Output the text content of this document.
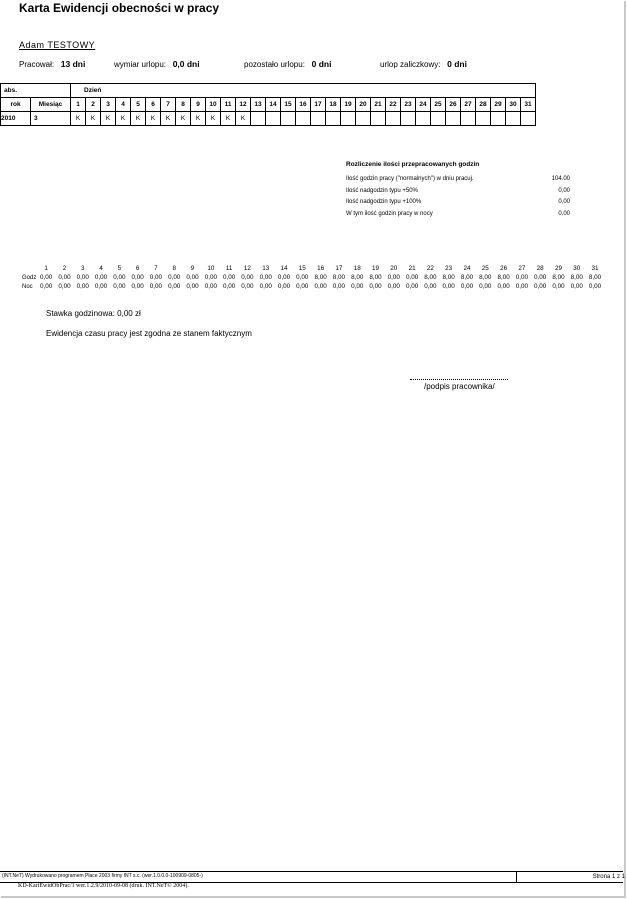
Karta Ewidencji obecności w pracy
Adam TESTOWY
Pracował: 13 dni	wymiar urlopu: 0,0 dni	pozostało urlopu: 0 dni	urlop zaliczkowy: 0 dni
abs.		Dzień																														
rok	Miesiąc	1	2	3	4	5	6	7	8	9	10	11	12	13	14	15	16	17	18	19	20	21	22	23	24	25	26	27	28	29	30	31
2010	3	K	K	K	K	K	K	K	K	K	K	K	K																			
Rozliczenie ilości przepracowanych godzin
Ilość godzin pracy ("normalnych") w dniu pracuj.	104.00
Ilość nadgodzin typu +50%	0,00
Ilość nadgodzin typu +100%	0,00
W tym ilość godzin pracy w nocy	0,00
	1	2	3	4	5	6	7	8	9	10	11	12	13	14	15	16	17	18	19	20	21	22	23	24	25	26	27	28	29	30	31
Godz	0,00	0,00	0,00	0,00	0,00	0,00	0,00	0,00	0,00	0,00	0,00	0,00	0,00	0,00	0,00	8,00	8,00	8,00	8,00	0,00	0,00	8,00	8,00	8,00	8,00	8,00	0,00	0,00	8,00	8,00	8,00
Noc	0,00	0,00	0,00	0,00	0,00	0,00	0,00	0,00	0,00	0,00	0,00	0,00	0,00	0,00	0,00	0,00	0,00	0,00	0,00	0,00	0,00	0,00	0,00	0,00	0,00	0,00	0,00	0,00	0,00	0,00	0,00
Stawka godzinowa: 0,00 zł
Ewidencja czasu pracy jest zgodna ze stanem faktycznym
/podpis pracownika/
(INT.NeT) Wydrukowano programem Płace 2003 firmy INT s.c. (wer.1.0.0.0-100909-0805-)	Strona 1 z 1
KD-KartEwidObPrac/1 wer.1.2.9/2010-09-08 (druk. INT.NeT© 2004).
